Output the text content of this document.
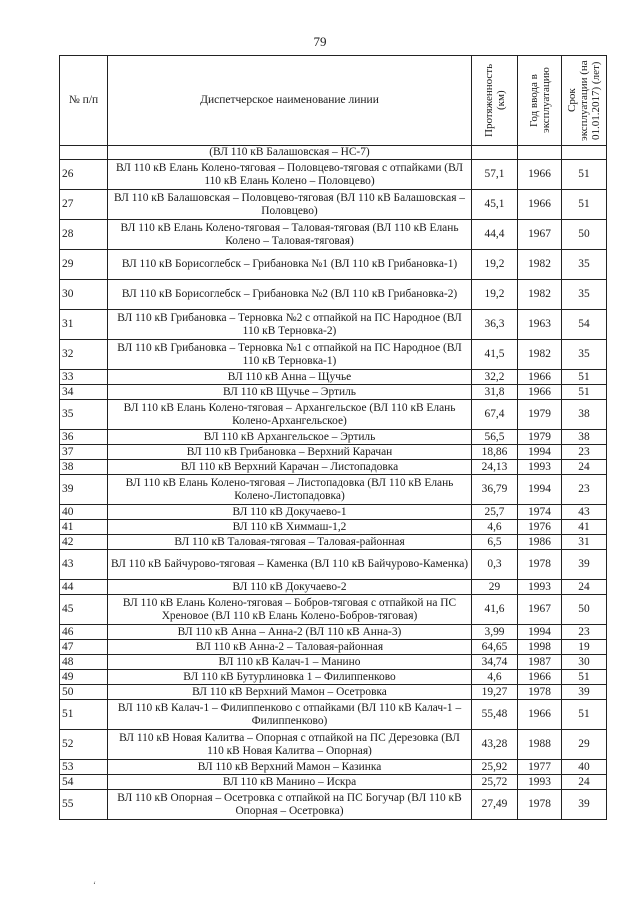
79
№ п/п	Диспетчерское наименование линии	Протяженность (км)	Год ввода в эксплуатацию	Срок эксплуатации (на 01.01.2017) (лет)

	(ВЛ 110 кВ Балашовская – НС-7)			
26	ВЛ 110 кВ Елань Колено-тяговая – Половцево-тяговая с отпайками (ВЛ 110 кВ Елань Колено – Половцево)	57,1	1966	51
27	ВЛ 110 кВ Балашовская – Половцево-тяговая (ВЛ 110 кВ Балашовская – Половцево)	45,1	1966	51
28	ВЛ 110 кВ Елань Колено-тяговая – Таловая-тяговая (ВЛ 110 кВ Елань Колено – Таловая-тяговая)	44,4	1967	50
29	ВЛ 110 кВ Борисоглебск – Грибановка №1 (ВЛ 110 кВ Грибановка-1)	19,2	1982	35
30	ВЛ 110 кВ Борисоглебск – Грибановка №2 (ВЛ 110 кВ Грибановка-2)	19,2	1982	35
31	ВЛ 110 кВ Грибановка – Терновка №2 с отпайкой на ПС Народное (ВЛ 110 кВ Терновка-2)	36,3	1963	54
32	ВЛ 110 кВ Грибановка – Терновка №1 с отпайкой на ПС Народное (ВЛ 110 кВ Терновка-1)	41,5	1982	35
33	ВЛ 110 кВ Анна – Щучье	32,2	1966	51
34	ВЛ 110 кВ Щучье – Эртиль	31,8	1966	51
35	ВЛ 110 кВ Елань Колено-тяговая – Архангельское (ВЛ 110 кВ Елань Колено-Архангельское)	67,4	1979	38
36	ВЛ 110 кВ Архангельское – Эртиль	56,5	1979	38
37	ВЛ 110 кВ Грибановка – Верхний Карачан	18,86	1994	23
38	ВЛ 110 кВ Верхний Карачан – Листопадовка	24,13	1993	24
39	ВЛ 110 кВ Елань Колено-тяговая – Листопадовка (ВЛ 110 кВ Елань Колено-Листопадовка)	36,79	1994	23
40	ВЛ 110 кВ Докучаево-1	25,7	1974	43
41	ВЛ 110 кВ Химмаш-1,2	4,6	1976	41
42	ВЛ 110 кВ Таловая-тяговая – Таловая-районная	6,5	1986	31
43	ВЛ 110 кВ Байчурово-тяговая – Каменка (ВЛ 110 кВ Байчурово-Каменка)	0,3	1978	39
44	ВЛ 110 кВ Докучаево-2	29	1993	24
45	ВЛ 110 кВ Елань Колено-тяговая – Бобров-тяговая с отпайкой на ПС Хреновое (ВЛ 110 кВ Елань Колено-Бобров-тяговая)	41,6	1967	50
46	ВЛ 110 кВ Анна – Анна-2 (ВЛ 110 кВ Анна-3)	3,99	1994	23
47	ВЛ 110 кВ Анна-2 – Таловая-районная	64,65	1998	19
48	ВЛ 110 кВ Калач-1 – Манино	34,74	1987	30
49	ВЛ 110 кВ Бутурлиновка 1 – Филиппенково	4,6	1966	51
50	ВЛ 110 кВ Верхний Мамон – Осетровка	19,27	1978	39
51	ВЛ 110 кВ Калач-1 – Филиппенково с отпайками (ВЛ 110 кВ Калач-1 – Филиппенково)	55,48	1966	51
52	ВЛ 110 кВ Новая Калитва – Опорная с отпайкой на ПС Дерезовка (ВЛ 110 кВ Новая Калитва – Опорная)	43,28	1988	29
53	ВЛ 110 кВ Верхний Мамон – Казинка	25,92	1977	40
54	ВЛ 110 кВ Манино – Искра	25,72	1993	24
55	ВЛ 110 кВ Опорная – Осетровка с отпайкой на ПС Богучар (ВЛ 110 кВ Опорная – Осетровка)	27,49	1978	39
‘
